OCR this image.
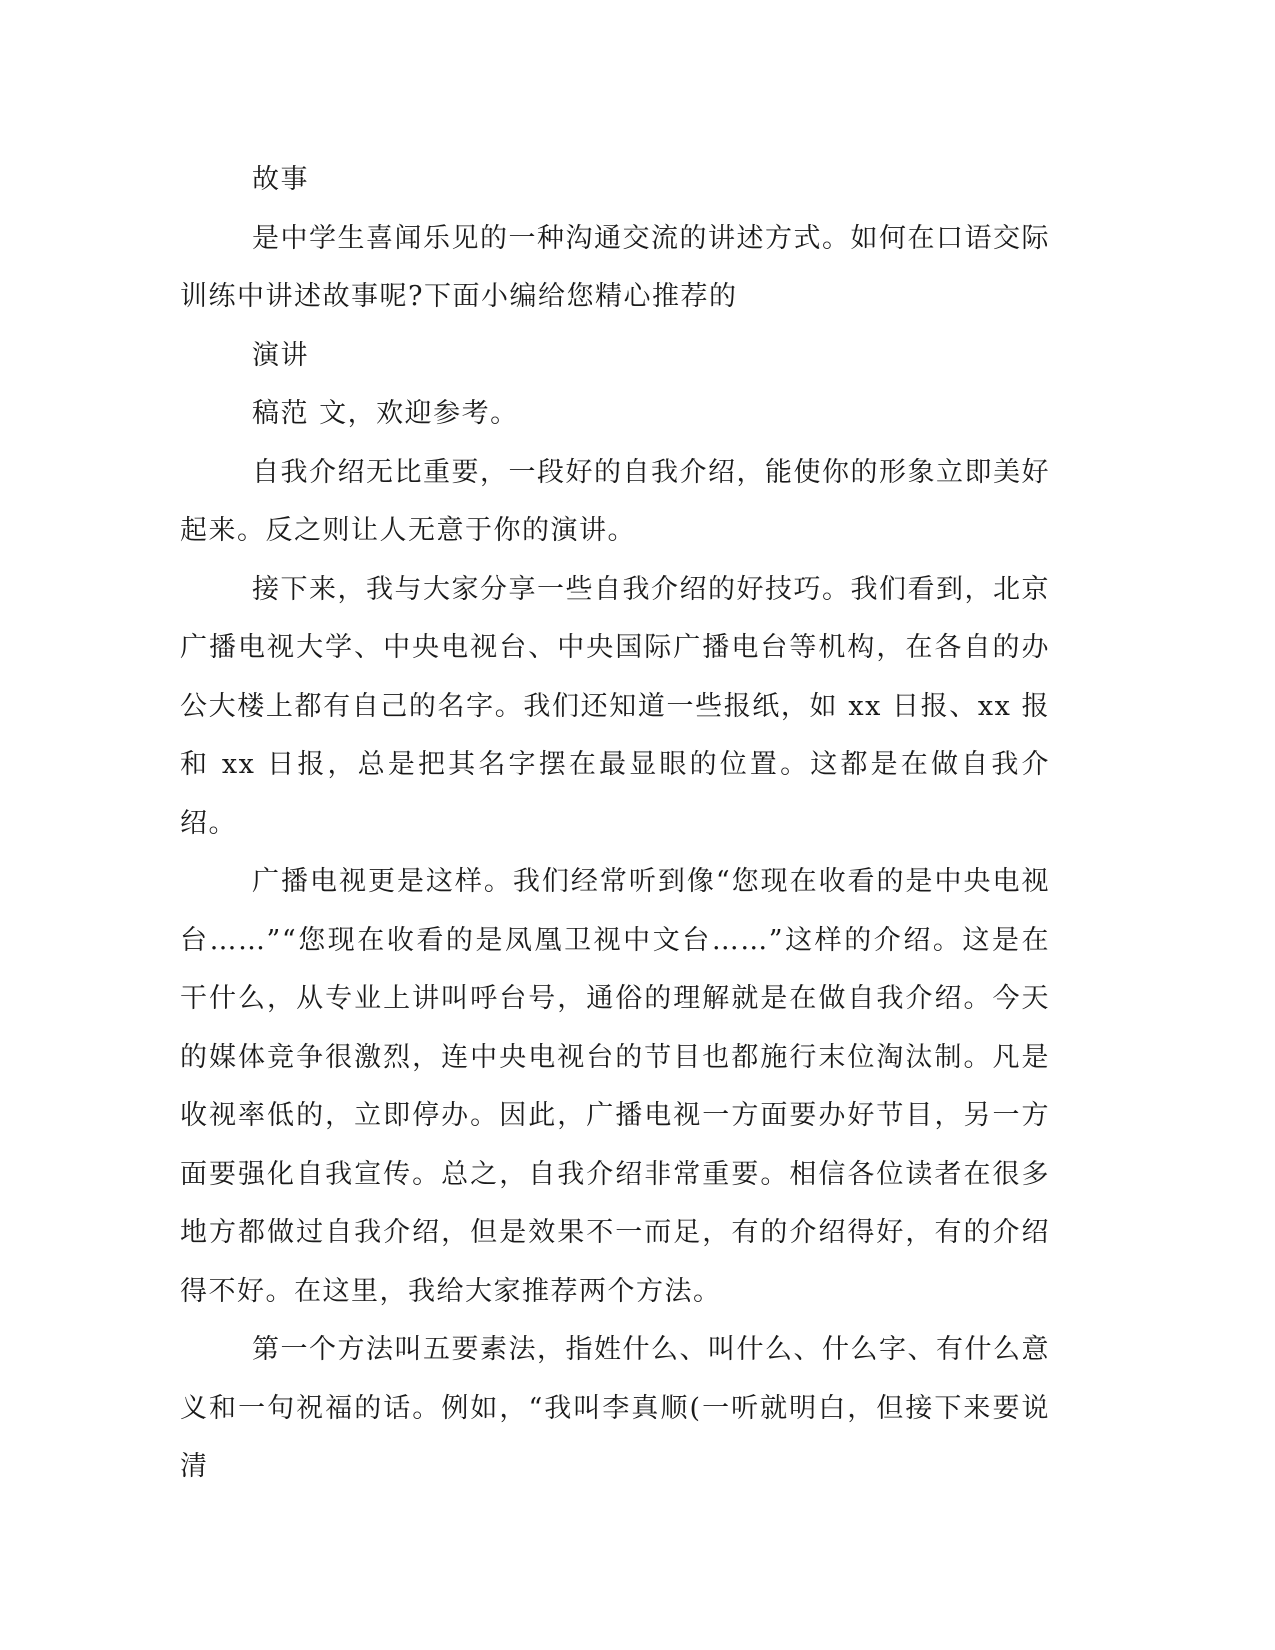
故事

是中学生喜闻乐见的一种沟通交流的讲述方式。如何在口语交际训练中讲述故事呢?下面小编给您精心推荐的

演讲

稿范 文，欢迎参考。

自我介绍无比重要，一段好的自我介绍，能使你的形象立即美好起来。反之则让人无意于你的演讲。

接下来，我与大家分享一些自我介绍的好技巧。我们看到，北京广播电视大学、中央电视台、中央国际广播电台等机构，在各自的办公大楼上都有自己的名字。我们还知道一些报纸，如 xx 日报、xx 报和 xx 日报，总是把其名字摆在最显眼的位置。这都是在做自我介绍。

广播电视更是这样。我们经常听到像“您现在收看的是中央电视台……”“您现在收看的是凤凰卫视中文台……”这样的介绍。这是在干什么，从专业上讲叫呼台号，通俗的理解就是在做自我介绍。今天的媒体竞争很激烈，连中央电视台的节目也都施行末位淘汰制。凡是收视率低的，立即停办。因此，广播电视一方面要办好节目，另一方面要强化自我宣传。总之，自我介绍非常重要。相信各位读者在很多地方都做过自我介绍，但是效果不一而足，有的介绍得好，有的介绍得不好。在这里，我给大家推荐两个方法。

第一个方法叫五要素法，指姓什么、叫什么、什么字、有什么意义和一句祝福的话。例如，“我叫李真顺(一听就明白，但接下来要说清
